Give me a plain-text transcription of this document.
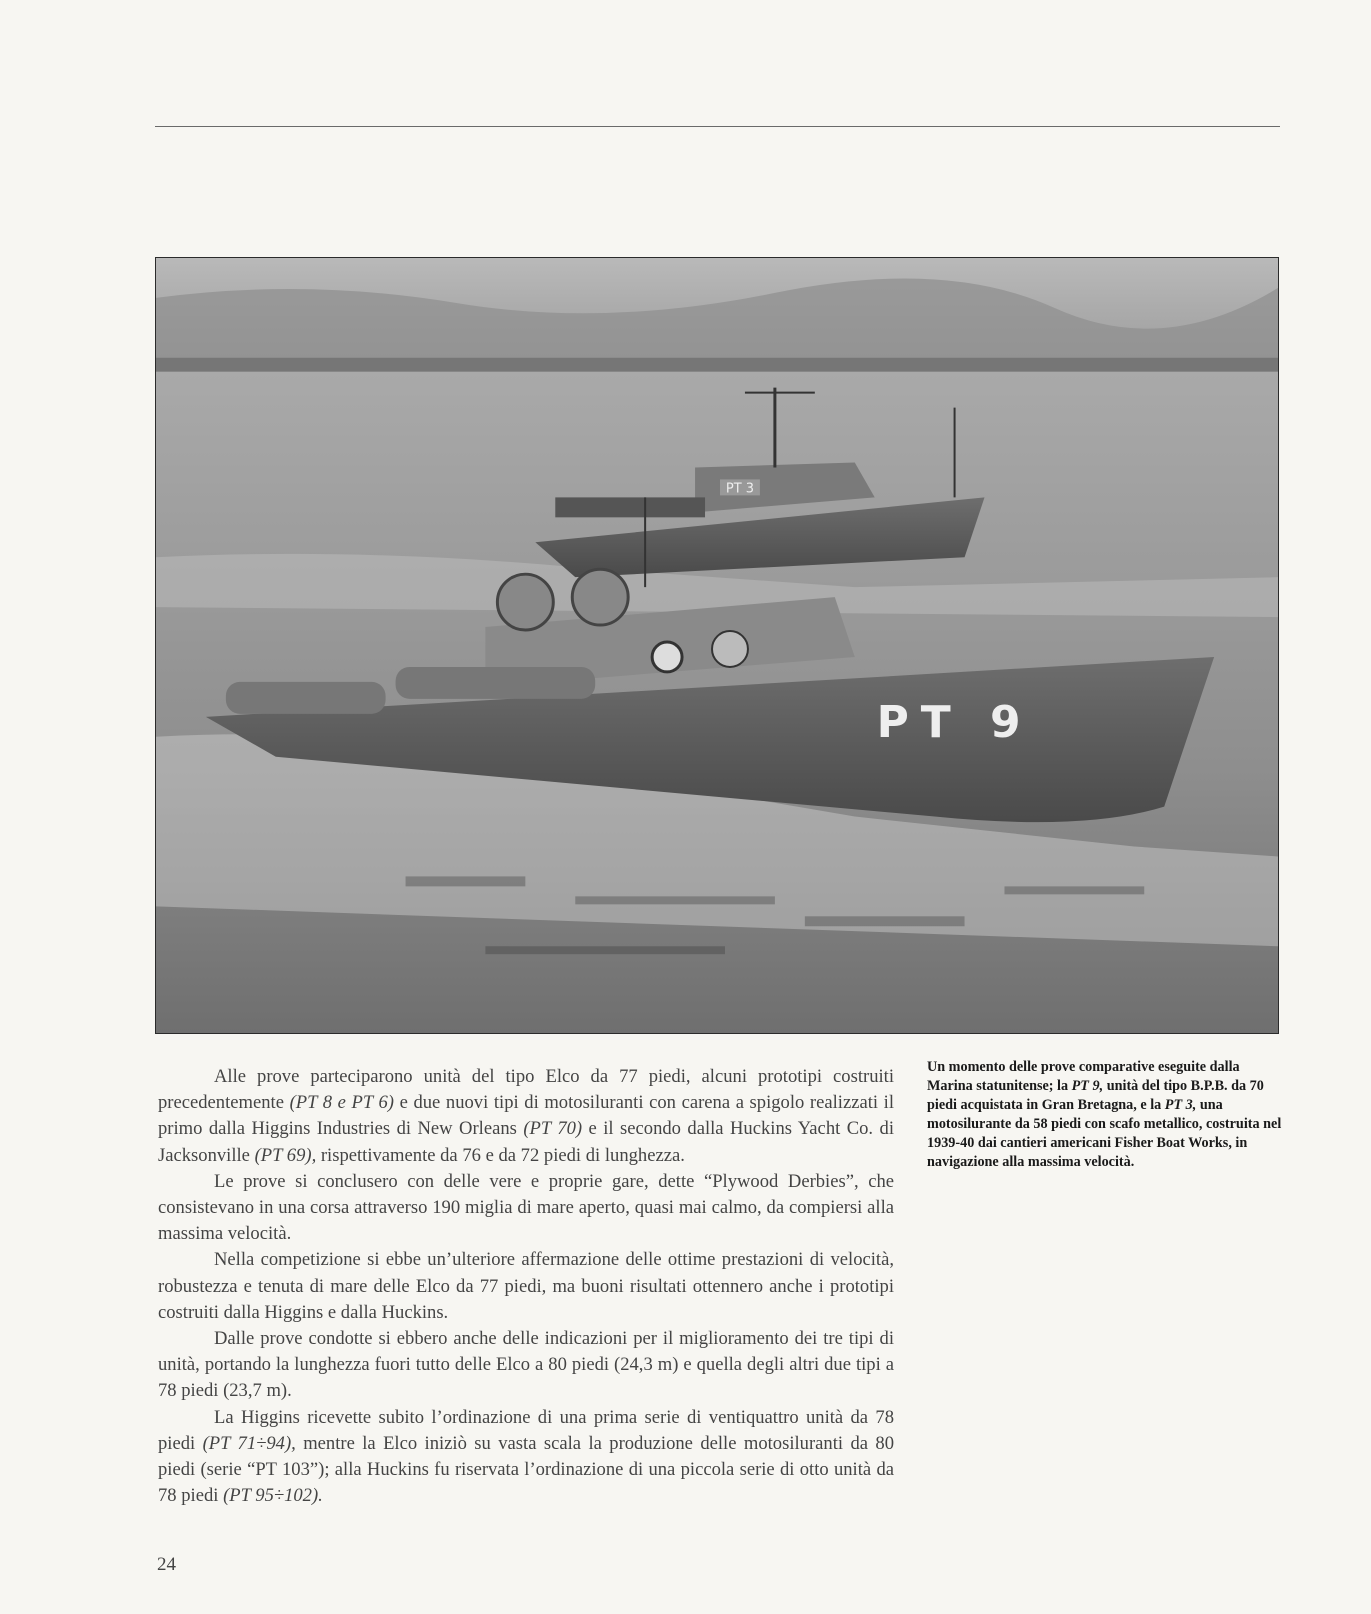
PT 3
PT 9

Alle prove parteciparono unità del tipo Elco da 77 piedi, alcuni prototipi costruiti precedentemente (PT 8 e PT 6) e due nuovi tipi di motosiluranti con carena a spigolo realizzati il primo dalla Higgins Industries di New Orleans (PT 70) e il secondo dalla Huckins Yacht Co. di Jacksonville (PT 69), rispettivamente da 76 e da 72 piedi di lunghezza.

Le prove si conclusero con delle vere e proprie gare, dette “Plywood Derbies”, che consistevano in una corsa attraverso 190 miglia di mare aperto, quasi mai calmo, da compiersi alla massima velocità.

Nella competizione si ebbe un’ulteriore affermazione delle ottime prestazioni di velocità, robustezza e tenuta di mare delle Elco da 77 piedi, ma buoni risultati ottennero anche i prototipi costruiti dalla Higgins e dalla Huckins.

Dalle prove condotte si ebbero anche delle indicazioni per il miglioramento dei tre tipi di unità, portando la lunghezza fuori tutto delle Elco a 80 piedi (24,3 m) e quella degli altri due tipi a 78 piedi (23,7 m).

La Higgins ricevette subito l’ordinazione di una prima serie di ventiquattro unità da 78 piedi (PT 71÷94), mentre la Elco iniziò su vasta scala la produzione delle motosiluranti da 80 piedi (serie “PT 103”); alla Huckins fu riservata l’ordinazione di una piccola serie di otto unità da 78 piedi (PT 95÷102).

Un momento delle prove comparative eseguite dalla Marina statunitense; la PT 9, unità del tipo B.P.B. da 70 piedi acquistata in Gran Bretagna, e la PT 3, una motosilurante da 58 piedi con scafo metallico, costruita nel 1939-40 dai cantieri americani Fisher Boat Works, in navigazione alla massima velocità.
24
